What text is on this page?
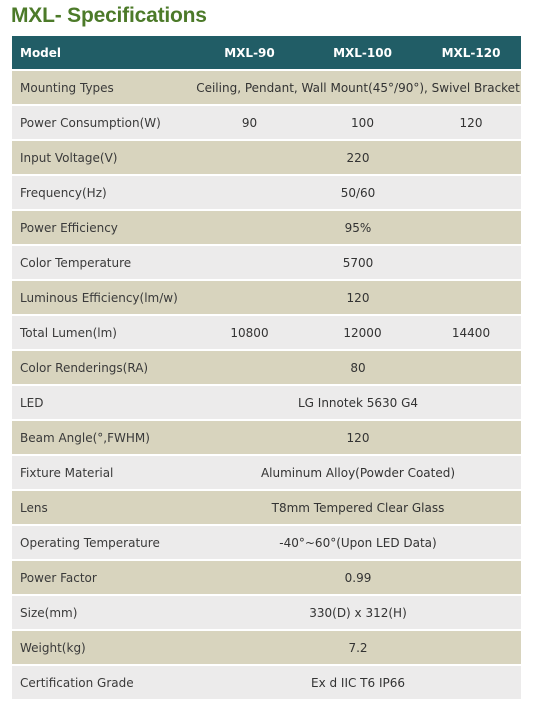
MXL- Specifications
Model	MXL-90	MXL-100	MXL-120
Mounting Types	Ceiling, Pendant, Wall Mount(45°/90°), Swivel Bracket		
Power Consumption(W)	90	100	120
Input Voltage(V)	220		
Frequency(Hz)	50/60		
Power Efficiency	95%		
Color Temperature	5700		
Luminous Efficiency(lm/w)	120		
Total Lumen(lm)	10800	12000	14400
Color Renderings(RA)	80		
LED	LG Innotek 5630 G4		
Beam Angle(°,FWHM)	120		
Fixture Material	Aluminum Alloy(Powder Coated)		
Lens	T8mm Tempered Clear Glass		
Operating Temperature	-40°~60°(Upon LED Data)		
Power Factor	0.99		
Size(mm)	330(D) x 312(H)		
Weight(kg)	7.2		
Certification Grade	Ex d IIC T6 IP66		
